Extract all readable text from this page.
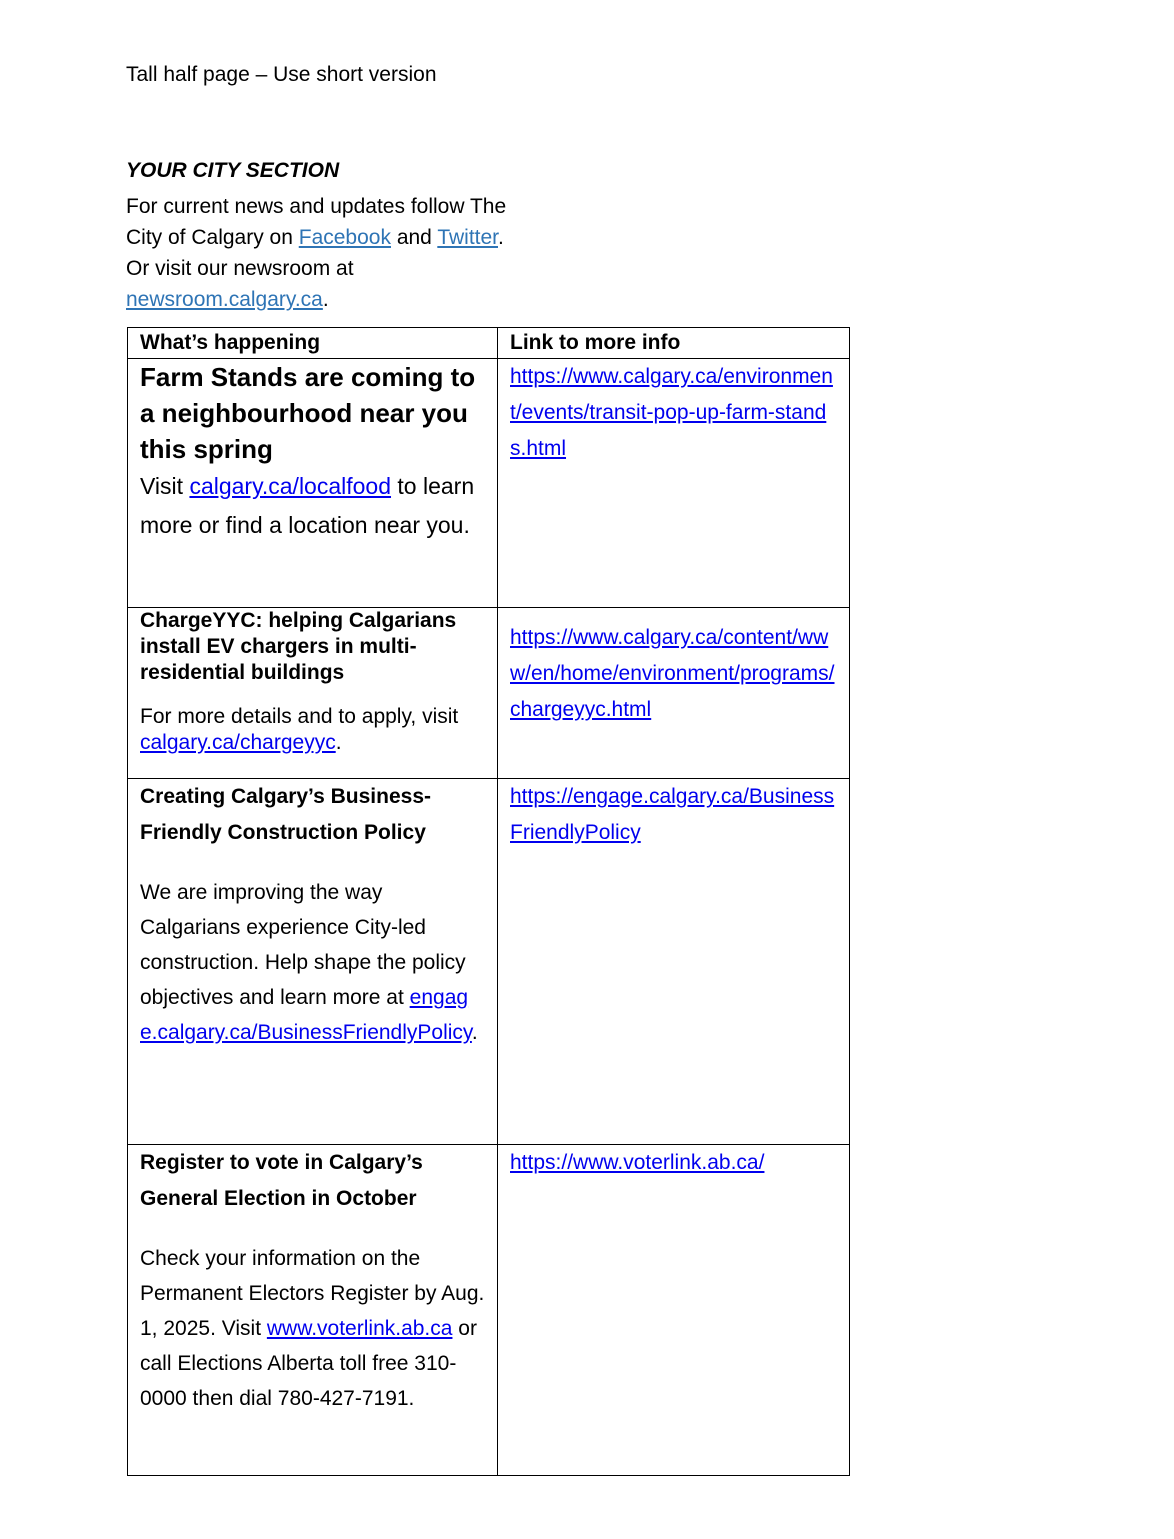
Tall half page – Use short version

YOUR CITY SECTION

For current news and updates follow The City of Calgary on Facebook and Twitter. Or visit our newsroom at newsroom.calgary.ca.

What’s happening	Link to more info

Farm Stands are coming to a neighbourhood near you this spring

Visit calgary.ca/localfood to learn more or find a location near you.	https://www.calgary.ca/environment/events/transit-pop-up-farm-stands.html

ChargeYYC: helping Calgarians install EV chargers in multi-residential buildings

For more details and to apply, visit calgary.ca/chargeyyc.	https://www.calgary.ca/content/www/en/home/environment/programs/chargeyyc.html

Creating Calgary’s Business-Friendly Construction Policy

We are improving the way Calgarians experience City-led construction. Help shape the policy objectives and learn more at engage.calgary.ca/BusinessFriendlyPolicy.	https://engage.calgary.ca/BusinessFriendlyPolicy

Register to vote in Calgary’s General Election in October

Check your information on the Permanent Electors Register by Aug. 1, 2025. Visit www.voterlink.ab.ca or call Elections Alberta toll free 310-0000 then dial 780-427-7191.	https://www.voterlink.ab.ca/
